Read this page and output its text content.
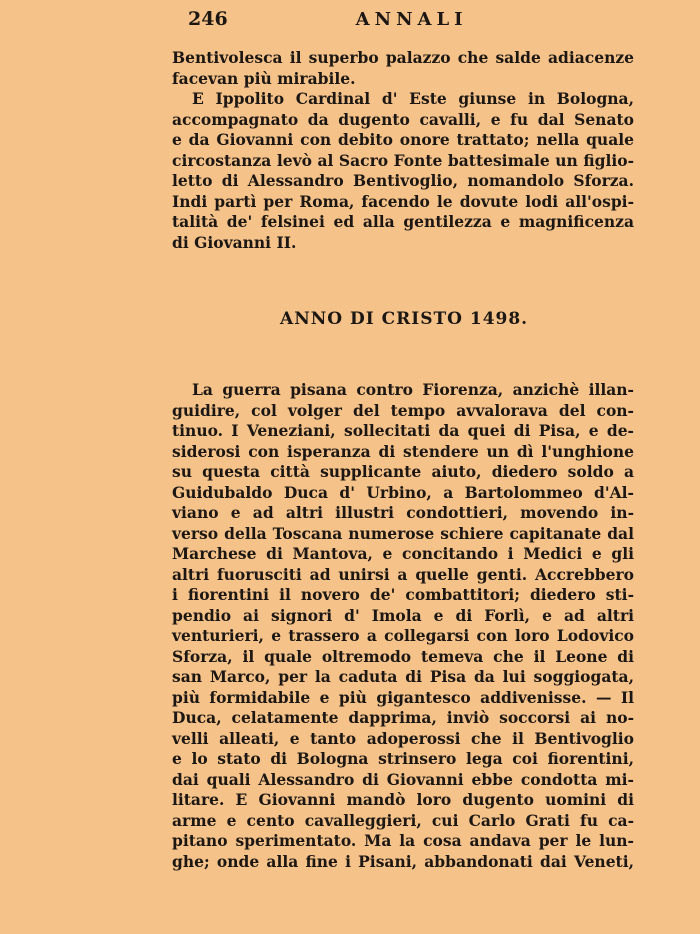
246	ANNALI
Bentivolesca il superbo palazzo che salde adiacenze
facevan più mirabile.
E Ippolito Cardinal d' Este giunse in Bologna,
accompagnato da dugento cavalli, e fu dal Senato
e da Giovanni con debito onore trattato; nella quale
circostanza levò al Sacro Fonte battesimale un figlio-
letto di Alessandro Bentivoglio, nomandolo Sforza.
Indi partì per Roma, facendo le dovute lodi all'ospi-
talità de' felsinei ed alla gentilezza e magnificenza
di Giovanni II.
ANNO DI CRISTO 1498.
La guerra pisana contro Fiorenza, anzichè illan-
guidire, col volger del tempo avvalorava del con-
tinuo. I Veneziani, sollecitati da quei di Pisa, e de-
siderosi con isperanza di stendere un dì l'unghione
su questa città supplicante aiuto, diedero soldo a
Guidubaldo Duca d' Urbino, a Bartolommeo d'Al-
viano e ad altri illustri condottieri, movendo in-
verso della Toscana numerose schiere capitanate dal
Marchese di Mantova, e concitando i Medici e gli
altri fuorusciti ad unirsi a quelle genti. Accrebbero
i fiorentini il novero de' combattitori; diedero sti-
pendio ai signori d' Imola e di Forlì, e ad altri
venturieri, e trassero a collegarsi con loro Lodovico
Sforza, il quale oltremodo temeva che il Leone di
san Marco, per la caduta di Pisa da lui soggiogata,
più formidabile e più gigantesco addivenisse. — Il
Duca, celatamente dapprima, inviò soccorsi ai no-
velli alleati, e tanto adoperossi che il Bentivoglio
e lo stato di Bologna strinsero lega coi fiorentini,
dai quali Alessandro di Giovanni ebbe condotta mi-
litare. E Giovanni mandò loro dugento uomini di
arme e cento cavalleggieri, cui Carlo Grati fu ca-
pitano sperimentato. Ma la cosa andava per le lun-
ghe; onde alla fine i Pisani, abbandonati dai Veneti,
